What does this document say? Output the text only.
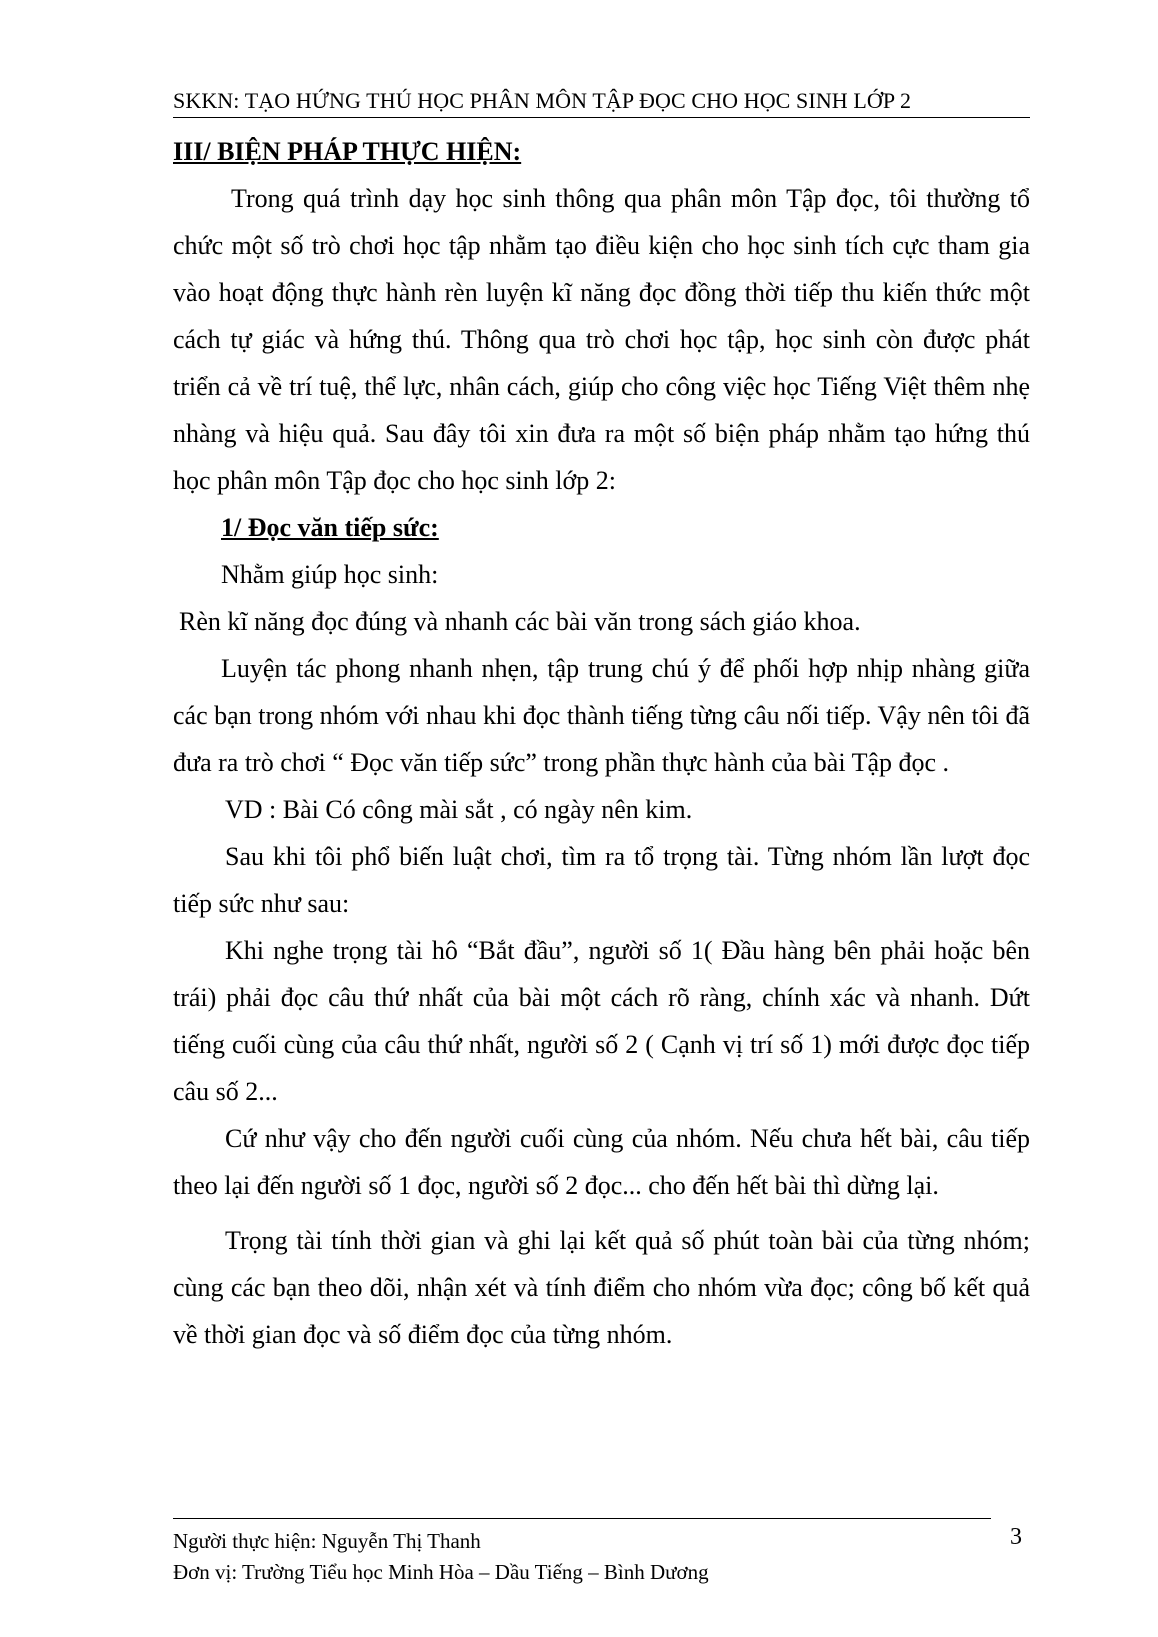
SKKN: TẠO HỨNG THÚ HỌC PHÂN MÔN TẬP ĐỌC CHO HỌC SINH LỚP 2

III/ BIỆN PHÁP THỰC HIỆN:

Trong quá trình dạy học sinh thông qua phân môn Tập đọc, tôi thường tổ chức một số trò chơi học tập nhằm tạo điều kiện cho học sinh tích cực tham gia vào hoạt động thực hành rèn luyện kĩ năng đọc đồng thời tiếp thu kiến thức một cách tự giác và hứng thú. Thông qua trò chơi học tập, học sinh còn được phát triển cả về trí tuệ, thể lực, nhân cách, giúp cho công việc học Tiếng Việt thêm nhẹ nhàng và hiệu quả. Sau đây tôi xin đưa ra một số biện pháp nhằm tạo hứng thú học phân môn Tập đọc cho học sinh lớp 2:

1/ Đọc văn tiếp sức:

Nhằm giúp học sinh:

Rèn kĩ năng đọc đúng và nhanh các bài văn trong sách giáo khoa.

Luyện tác phong nhanh nhẹn, tập trung chú ý để phối hợp nhịp nhàng giữa các bạn trong nhóm với nhau khi đọc thành tiếng từng câu nối tiếp. Vậy nên tôi đã đưa ra trò chơi “ Đọc văn tiếp sức” trong phần thực hành của bài Tập đọc .

VD : Bài Có công mài sắt , có ngày nên kim.

Sau khi tôi phổ biến luật chơi, tìm ra tổ trọng tài. Từng nhóm lần lượt đọc tiếp sức như sau:

Khi nghe trọng tài hô “Bắt đầu”, người số 1( Đầu hàng bên phải hoặc bên trái) phải đọc câu thứ nhất của bài một cách rõ ràng, chính xác và nhanh. Dứt tiếng cuối cùng của câu thứ nhất, người số 2 ( Cạnh vị trí số 1) mới được đọc tiếp câu số 2...

Cứ như vậy cho đến người cuối cùng của nhóm. Nếu chưa hết bài, câu tiếp theo lại đến người số 1 đọc, người số 2 đọc... cho đến hết bài thì dừng lại.

Trọng tài tính thời gian và ghi lại kết quả số phút toàn bài của từng nhóm; cùng các bạn theo dõi, nhận xét và tính điểm cho nhóm vừa đọc; công bố kết quả về thời gian đọc và số điểm đọc của từng nhóm.

Người thực hiện: Nguyễn Thị Thanh
Đơn vị: Trường Tiểu học Minh Hòa – Dầu Tiếng – Bình Dương
3
